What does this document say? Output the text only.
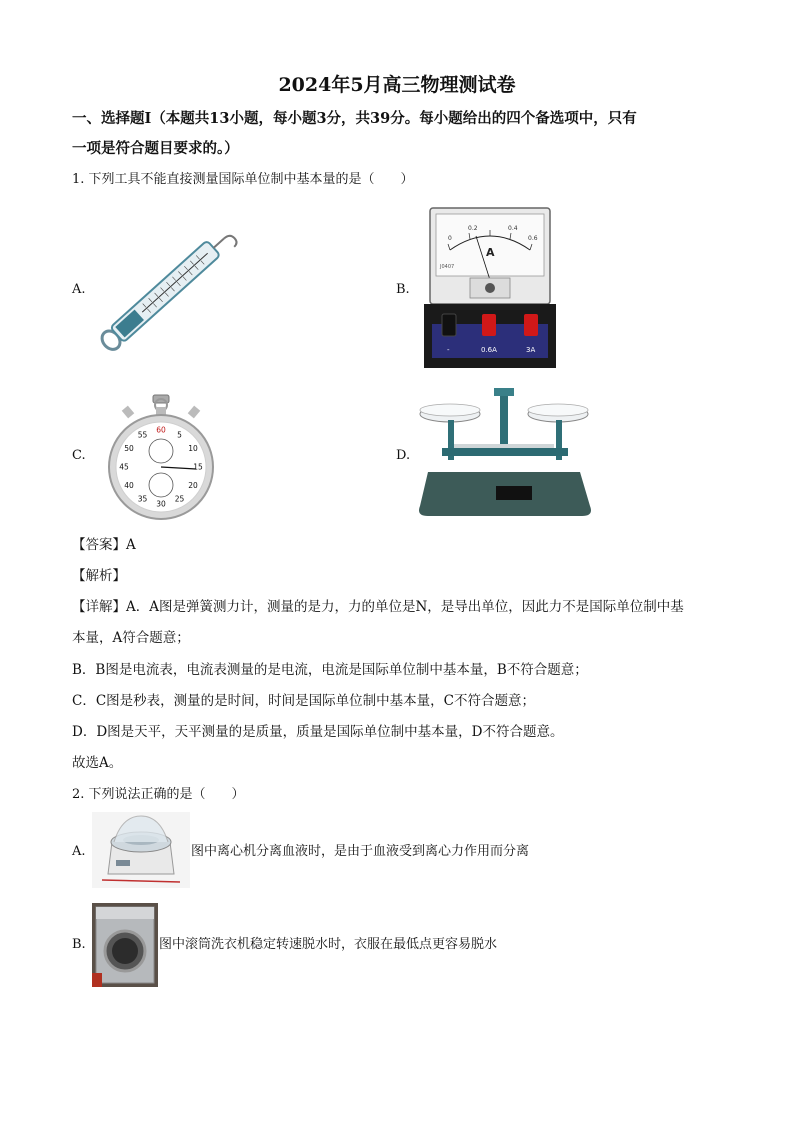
2024年5月高三物理测试卷
一、选择题Ⅰ（本题共13小题，每小题3分，共39分。每小题给出的四个备选项中，只有
一项是符合题目要求的。）
1. 下列工具不能直接测量国际单位制中基本量的是（　　）
A.	B.
0
0.2	0.4
0.6
A
J0407
-	0.6A	3A
C.
60
5
10
15
20
25
30
35
40
45
50
55
D.
【答案】A
【解析】
【详解】A．A图是弹簧测力计，测量的是力，力的单位是N，是导出单位，因此力不是国际单位制中基
本量，A符合题意；
B．B图是电流表，电流表测量的是电流，电流是国际单位制中基本量，B不符合题意；
C．C图是秒表，测量的是时间，时间是国际单位制中基本量，C不符合题意；
D．D图是天平，天平测量的是质量，质量是国际单位制中基本量，D不符合题意。
故选A。
2. 下列说法正确的是（　　）
A.	图中离心机分离血液时，是由于血液受到离心力作用而分离
B.	图中滚筒洗衣机稳定转速脱水时，衣服在最低点更容易脱水
